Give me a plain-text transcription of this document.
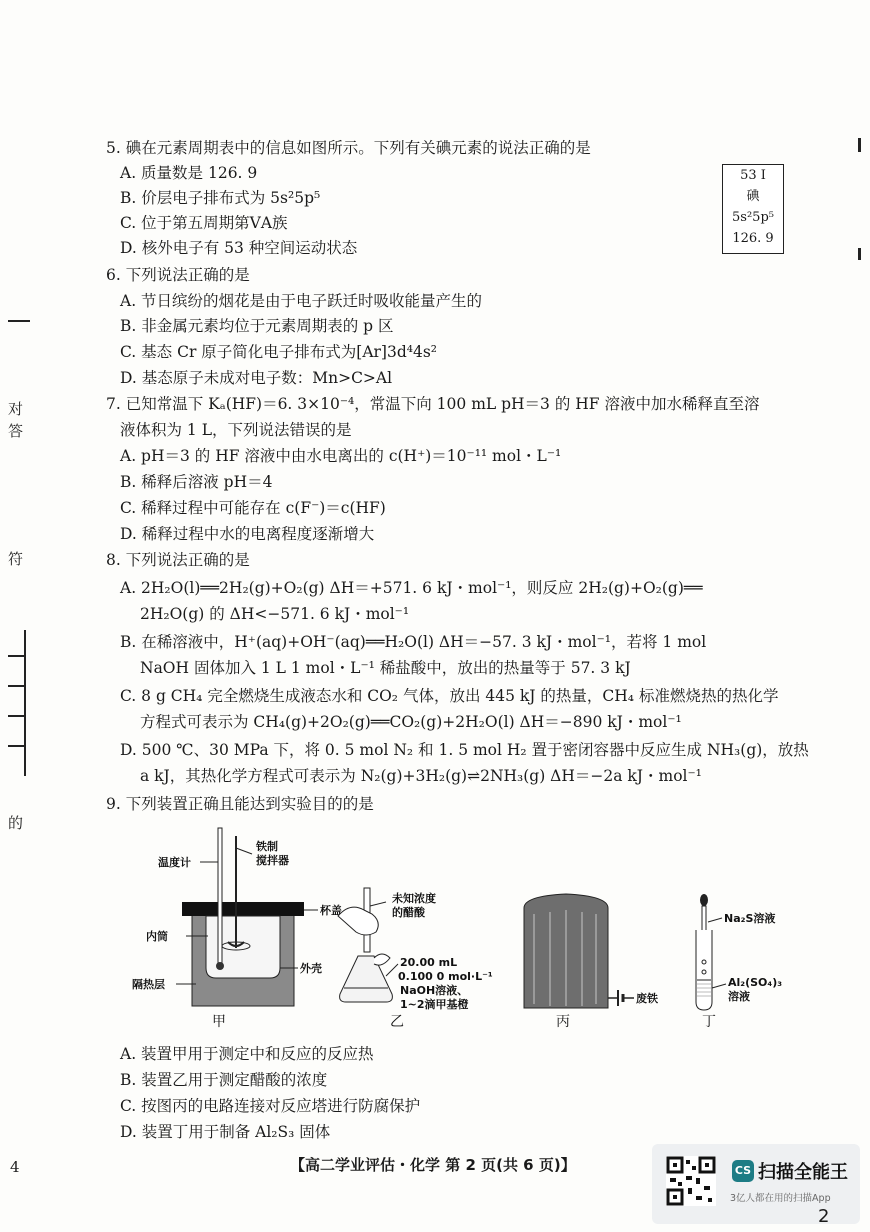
对
答
符
的
4
5. 碘在元素周期表中的信息如图所示。下列有关碘元素的说法正确的是
A. 质量数是 126. 9
B. 价层电子排布式为 5s²5p⁵
C. 位于第五周期第ⅤA族
D. 核外电子有 53 种空间运动状态
53 I
碘
5s²5p⁵
126. 9
6. 下列说法正确的是
A. 节日缤纷的烟花是由于电子跃迁时吸收能量产生的
B. 非金属元素均位于元素周期表的 p 区
C. 基态 Cr 原子简化电子排布式为[Ar]3d⁴4s²
D. 基态原子未成对电子数：Mn>C>Al
7. 已知常温下 Kₐ(HF)＝6. 3×10⁻⁴，常温下向 100 mL pH＝3 的 HF 溶液中加水稀释直至溶
液体积为 1 L，下列说法错误的是
A. pH＝3 的 HF 溶液中由水电离出的 c(H⁺)＝10⁻¹¹ mol・L⁻¹
B. 稀释后溶液 pH＝4
C. 稀释过程中可能存在 c(F⁻)＝c(HF)
D. 稀释过程中水的电离程度逐渐增大
8. 下列说法正确的是
A. 2H₂O(l)══2H₂(g)+O₂(g) ΔH＝+571. 6 kJ・mol⁻¹，则反应 2H₂(g)+O₂(g)══
2H₂O(g) 的 ΔH<−571. 6 kJ・mol⁻¹
B. 在稀溶液中，H⁺(aq)+OH⁻(aq)══H₂O(l) ΔH＝−57. 3 kJ・mol⁻¹，若将 1 mol
NaOH 固体加入 1 L 1 mol・L⁻¹ 稀盐酸中，放出的热量等于 57. 3 kJ
C. 8 g CH₄ 完全燃烧生成液态水和 CO₂ 气体，放出 445 kJ 的热量，CH₄ 标准燃烧热的热化学
方程式可表示为 CH₄(g)+2O₂(g)══CO₂(g)+2H₂O(l) ΔH＝−890 kJ・mol⁻¹
D. 500 ℃、30 MPa 下，将 0. 5 mol N₂ 和 1. 5 mol H₂ 置于密闭容器中反应生成 NH₃(g)，放热
a kJ，其热化学方程式可表示为 N₂(g)+3H₂(g)⇌2NH₃(g) ΔH＝−2a kJ・mol⁻¹
9. 下列装置正确且能达到实验目的的是
温度计
铁制
搅拌器
杯盖
内筒
外壳
隔热层
甲
未知浓度
的醋酸
20.00 mL
0.100 0 mol·L⁻¹
NaOH溶液、
1~2滴甲基橙
乙
废铁
丙
Na₂S溶液
Al₂(SO₄)₃
溶液
丁
A. 装置甲用于测定中和反应的反应热
B. 装置乙用于测定醋酸的浓度
C. 按图丙的电路连接对反应塔进行防腐保护
D. 装置丁用于制备 Al₂S₃ 固体
【高二学业评估・化学 第 2 页(共 6 页)】	CS 扫描全能王
3亿人都在用的扫描App
2
